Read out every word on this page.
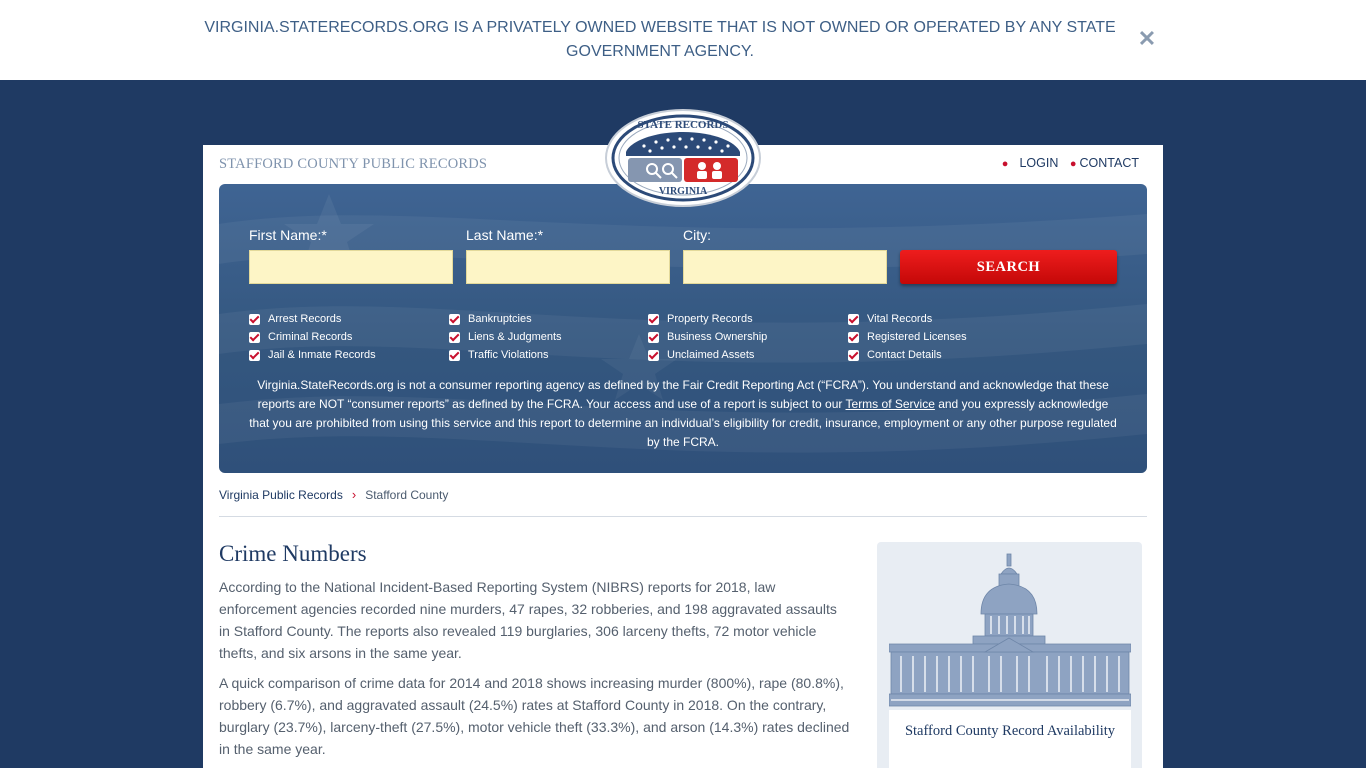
VIRGINIA.STATERECORDS.ORG IS A PRIVATELY OWNED WEBSITE THAT IS NOT OWNED OR OPERATED BY ANY STATE GOVERNMENT AGENCY.
✕
STAFFORD COUNTY PUBLIC RECORDS	● LOGIN ● CONTACT
First Name:*	Last Name:*	City:
SEARCH
Arrest Records
Criminal Records
Jail & Inmate Records
Bankruptcies
Liens & Judgments
Traffic Violations
Property Records
Business Ownership
Unclaimed Assets
Vital Records
Registered Licenses
Contact Details
Virginia.StateRecords.org is not a consumer reporting agency as defined by the Fair Credit Reporting Act (“FCRA”). You understand and acknowledge that these reports are NOT “consumer reports” as defined by the FCRA. Your access and use of a report is subject to our Terms of Service and you expressly acknowledge that you are prohibited from using this service and this report to determine an individual’s eligibility for credit, insurance, employment or any other purpose regulated by the FCRA.
STATE RECORDS
VIRGINIA
Virginia Public Records › Stafford County
Crime Numbers
According to the National Incident-Based Reporting System (NIBRS) reports for 2018, law enforcement agencies recorded nine murders, 47 rapes, 32 robberies, and 198 aggravated assaults in Stafford County. The reports also revealed 119 burglaries, 306 larceny thefts, 72 motor vehicle thefts, and six arsons in the same year.
A quick comparison of crime data for 2014 and 2018 shows increasing murder (800%), rape (80.8%), robbery (6.7%), and aggravated assault (24.5%) rates at Stafford County in 2018. On the contrary, burglary (23.7%), larceny-theft (27.5%), motor vehicle theft (33.3%), and arson (14.3%) rates declined in the same year.
Stafford County Record Availability
